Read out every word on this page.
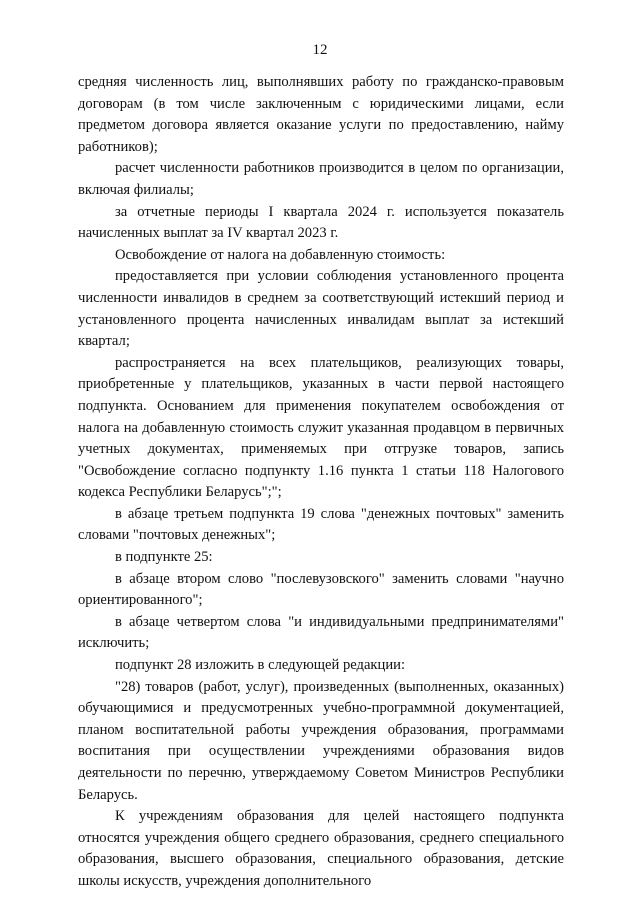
12

средняя численность лиц, выполнявших работу по гражданско-правовым договорам (в том числе заключенным с юридическими лицами, если предметом договора является оказание услуги по предоставлению, найму работников);

расчет численности работников производится в целом по организации, включая филиалы;

за отчетные периоды I квартала 2024 г. используется показатель начисленных выплат за IV квартал 2023 г.

Освобождение от налога на добавленную стоимость:

предоставляется при условии соблюдения установленного процента численности инвалидов в среднем за соответствующий истекший период и установленного процента начисленных инвалидам выплат за истекший квартал;

распространяется на всех плательщиков, реализующих товары, приобретенные у плательщиков, указанных в части первой настоящего подпункта. Основанием для применения покупателем освобождения от налога на добавленную стоимость служит указанная продавцом в первичных учетных документах, применяемых при отгрузке товаров, запись "Освобождение согласно подпункту 1.16 пункта 1 статьи 118 Налогового кодекса Республики Беларусь";";

в абзаце третьем подпункта 19 слова "денежных почтовых" заменить словами "почтовых денежных";

в подпункте 25:

в абзаце втором слово "послевузовского" заменить словами "научно ориентированного";

в абзаце четвертом слова "и индивидуальными предпринимателями" исключить;

подпункт 28 изложить в следующей редакции:

"28) товаров (работ, услуг), произведенных (выполненных, оказанных) обучающимися и предусмотренных учебно-программной документацией, планом воспитательной работы учреждения образования, программами воспитания при осуществлении учреждениями образования видов деятельности по перечню, утверждаемому Советом Министров Республики Беларусь.

К учреждениям образования для целей настоящего подпункта относятся учреждения общего среднего образования, среднего специального образования, высшего образования, специального образования, детские школы искусств, учреждения дополнительного
